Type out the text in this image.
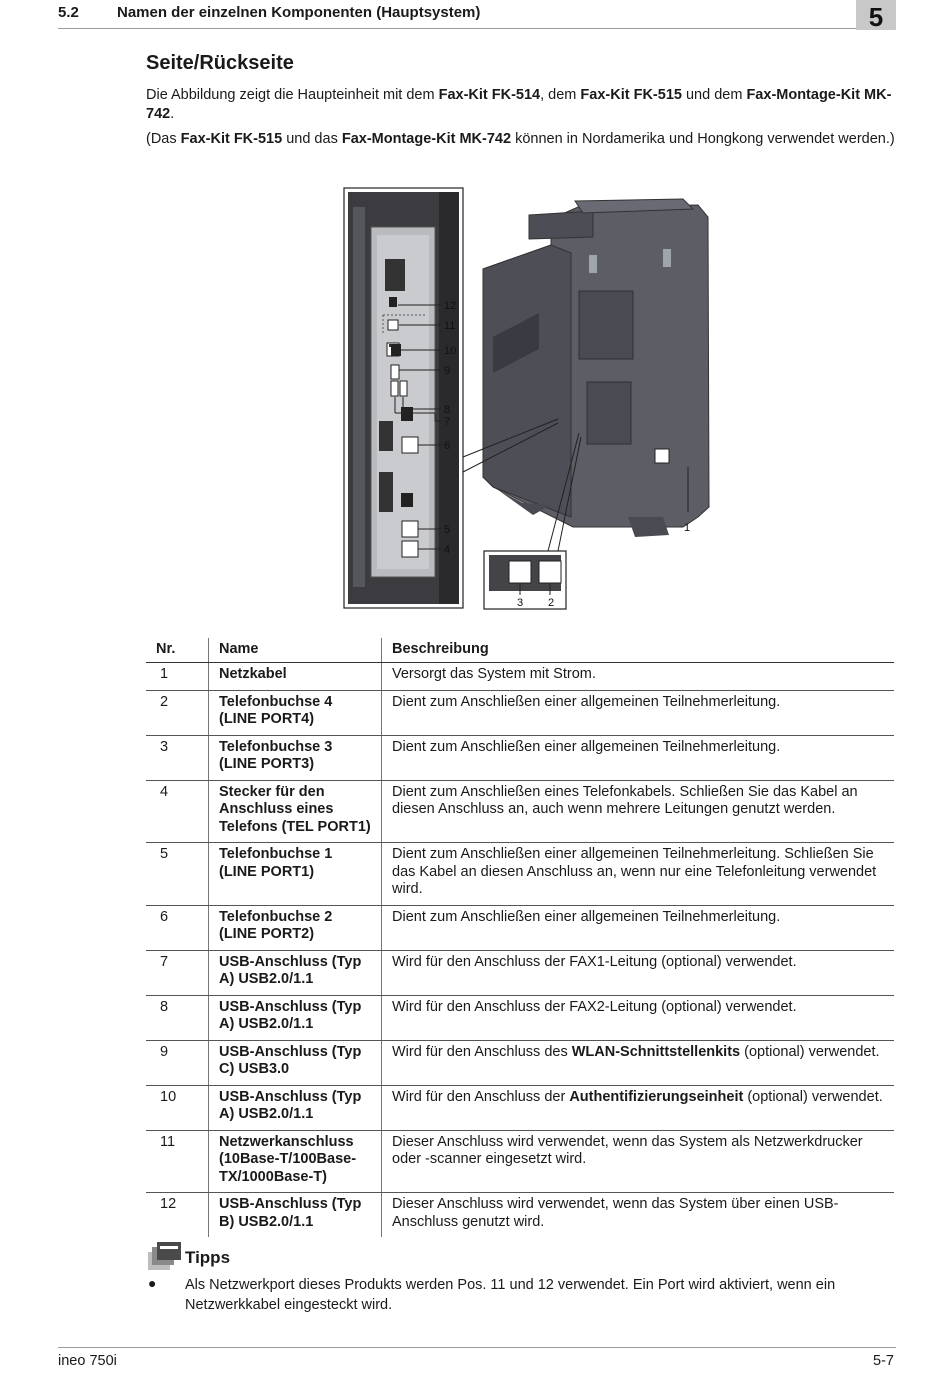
5.2	Namen der einzelnen Komponenten (Hauptsystem)	5
Seite/Rückseite

Die Abbildung zeigt die Haupteinheit mit dem Fax-Kit FK-514, dem Fax-Kit FK-515 und dem Fax-Montage-Kit MK-742.

(Das Fax-Kit FK-515 und das Fax-Montage-Kit MK-742 können in Nordamerika und Hongkong verwendet werden.)

12
11
10
9
8
7
6
5
4
1
3 2
Nr.	Name	Beschreibung
1	Netzkabel	Versorgt das System mit Strom.
2	Telefonbuchse 4 (LINE PORT4)	Dient zum Anschließen einer allgemeinen Teilnehmerleitung.
3	Telefonbuchse 3 (LINE PORT3)	Dient zum Anschließen einer allgemeinen Teilnehmerleitung.
4	Stecker für den Anschluss eines Telefons (TEL PORT1)	Dient zum Anschließen eines Telefonkabels. Schließen Sie das Kabel an diesen Anschluss an, auch wenn mehrere Leitungen genutzt werden.
5	Telefonbuchse 1 (LINE PORT1)	Dient zum Anschließen einer allgemeinen Teilnehmerleitung. Schließen Sie das Kabel an diesen Anschluss an, wenn nur eine Telefonleitung verwendet wird.
6	Telefonbuchse 2 (LINE PORT2)	Dient zum Anschließen einer allgemeinen Teilnehmerleitung.
7	USB-Anschluss (Typ A) USB2.0/1.1	Wird für den Anschluss der FAX1-Leitung (optional) verwendet.
8	USB-Anschluss (Typ A) USB2.0/1.1	Wird für den Anschluss der FAX2-Leitung (optional) verwendet.
9	USB-Anschluss (Typ C) USB3.0	Wird für den Anschluss des WLAN-Schnittstellenkits (optional) verwendet.
10	USB-Anschluss (Typ A) USB2.0/1.1	Wird für den Anschluss der Authentifizierungseinheit (optional) verwendet.
11	Netzwerkanschluss (10Base-T/100Base-TX/1000Base-T)	Dieser Anschluss wird verwendet, wenn das System als Netzwerkdrucker oder -scanner eingesetzt wird.
12	USB-Anschluss (Typ B) USB2.0/1.1	Dieser Anschluss wird verwendet, wenn das System über einen USB-Anschluss genutzt wird.
Tipps
● Als Netzwerkport dieses Produkts werden Pos. 11 und 12 verwendet. Ein Port wird aktiviert, wenn ein Netzwerkkabel eingesteckt wird.
ineo 750i	5-7
